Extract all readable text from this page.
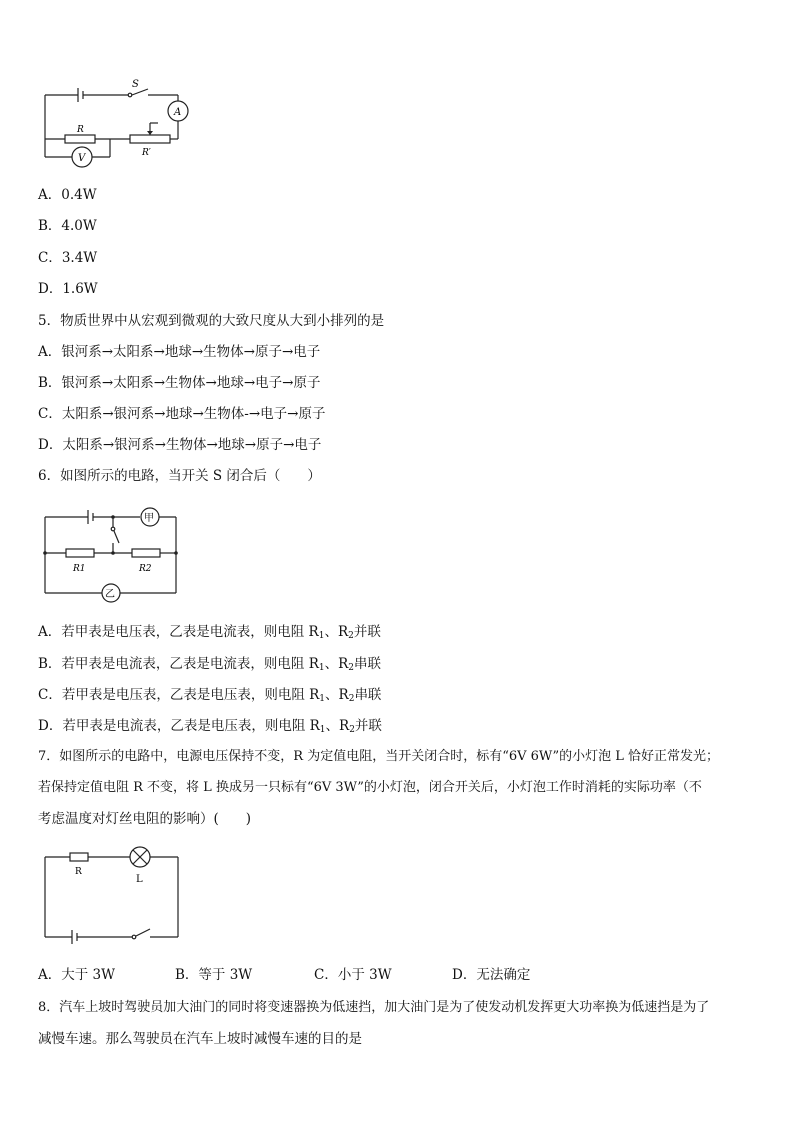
S
A
R
V	R′
A．0.4W
B．4.0W
C．3.4W
D．1.6W
5．物质世界中从宏观到微观的大致尺度从大到小排列的是
A．银河系→太阳系→地球→生物体→原子→电子
B．银河系→太阳系→生物体→地球→电子→原子
C．太阳系→银河系→地球→生物体-→电子→原子
D．太阳系→银河系→生物体→地球→原子→电子
6．如图所示的电路，当开关 S 闭合后（　　）
甲
乙
R1	R2
A．若甲表是电压表，乙表是电流表，则电阻 $R_1$、$R_2$并联
B．若甲表是电流表，乙表是电流表，则电阻 $R_1$、$R_2$串联
C．若甲表是电压表，乙表是电压表，则电阻 $R_1$、$R_2$串联
D．若甲表是电流表，乙表是电压表，则电阻 $R_1$、$R_2$并联
7．如图所示的电路中，电源电压保持不变，R 为定值电阻，当开关闭合时，标有“6V 6W”的小灯泡 L 恰好正常发光；
若保持定值电阻 R 不变，将 L 换成另一只标有“6V 3W”的小灯泡，闭合开关后，小灯泡工作时消耗的实际功率（不
考虑温度对灯丝电阻的影响）(　　)
R
L
A．大于 3W	B．等于 3W	C．小于 3W	D．无法确定
8．汽车上坡时驾驶员加大油门的同时将变速器换为低速挡，加大油门是为了使发动机发挥更大功率换为低速挡是为了
减慢车速。那么驾驶员在汽车上坡时减慢车速的目的是
